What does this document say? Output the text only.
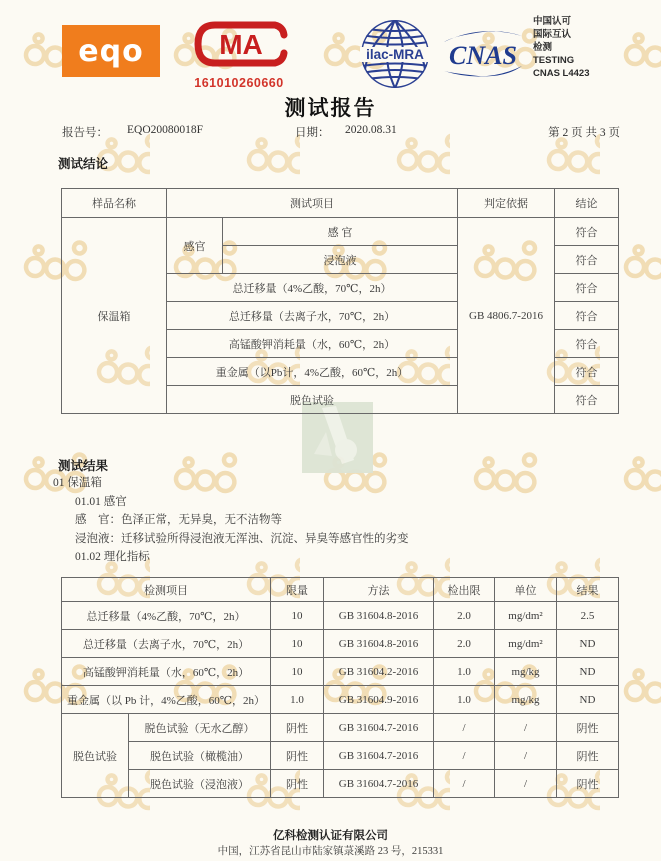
eqo	MA
161010260660
ilac-MRA CNAS
中国认可
国际互认
检测
TESTING
CNAS L4423
测试报告
报告号： EQO20080018F	日期： 2020.08.31	第 2 页 共 3 页
测试结论
样品名称	测试项目		判定依据	结论
保温箱	感官	感 官	GB 4806.7-2016	符合
		浸泡液		符合
	总迁移量（4%乙酸，70℃，2h）			符合
	总迁移量（去离子水，70℃，2h）			符合
	高锰酸钾消耗量（水，60℃，2h）			符合
	重金属（以Pb计，4%乙酸，60℃，2h）			符合
	脱色试验			符合
测试结果
01 保温箱
01.01 感官
感　官：色泽正常，无异臭，无不洁物等
浸泡液：迁移试验所得浸泡液无浑浊、沉淀、异臭等感官性的劣变
01.02 理化指标
检测项目		限量	方法	检出限	单位	结果
总迁移量（4%乙酸，70℃，2h）		10	GB 31604.8-2016	2.0	mg/dm²	2.5
总迁移量（去离子水，70℃，2h）		10	GB 31604.8-2016	2.0	mg/dm²	ND
高锰酸钾消耗量（水，60℃，2h）		10	GB 31604.2-2016	1.0	mg/kg	ND
重金属（以 Pb 计，4%乙酸，60℃，2h）		1.0	GB 31604.9-2016	1.0	mg/kg	ND
脱色试验	脱色试验（无水乙醇）	阴性	GB 31604.7-2016	/	/	阴性
	脱色试验（橄榄油）	阴性	GB 31604.7-2016	/	/	阴性
	脱色试验（浸泡液）	阴性	GB 31604.7-2016	/	/	阴性
亿科检测认证有限公司
中国，江苏省昆山市陆家镇菉溪路 23 号，215331
